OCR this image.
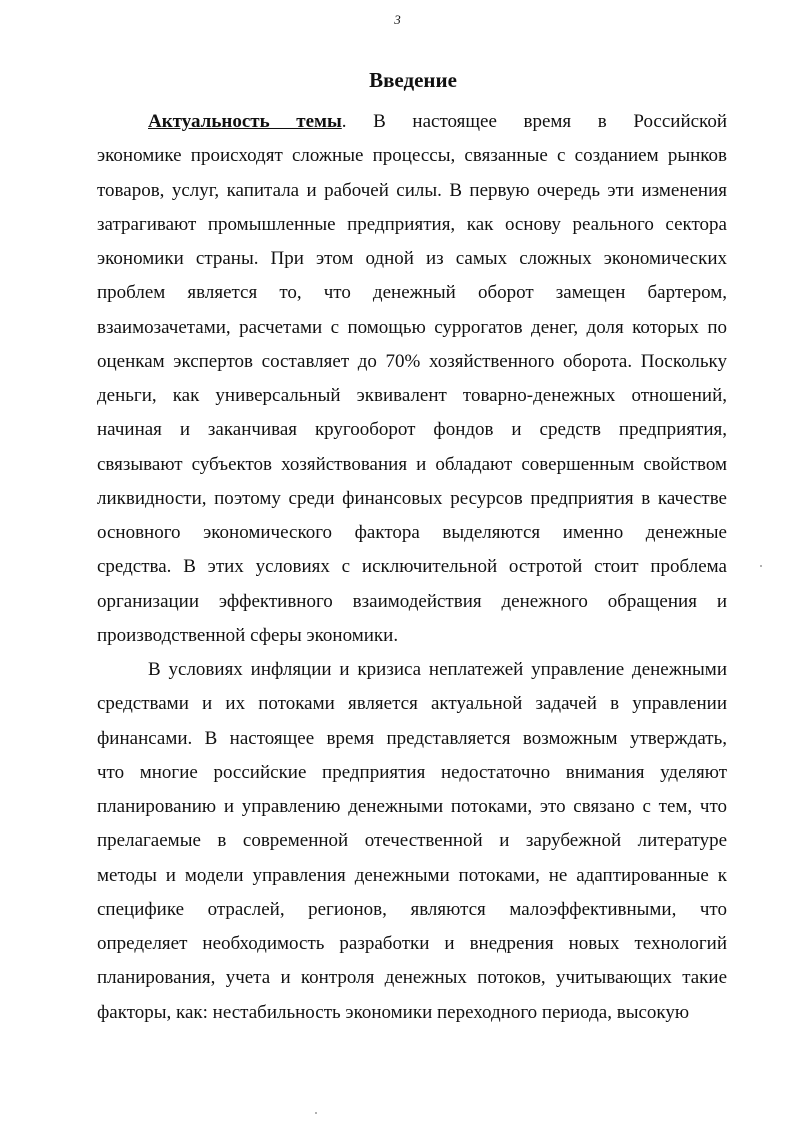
3
Введение
Актуальность темы. В настоящее время в Российской
экономике происходят сложные процессы, связанные с созданием рынков
товаров, услуг, капитала и рабочей силы. В первую очередь эти изменения
затрагивают промышленные предприятия, как основу реального сектора
экономики страны. При этом одной из самых сложных экономических
проблем является то, что денежный оборот замещен бартером,
взаимозачетами, расчетами с помощью суррогатов денег, доля которых по
оценкам экспертов составляет до 70% хозяйственного оборота. Поскольку
деньги, как универсальный эквивалент товарно-денежных отношений,
начиная и заканчивая кругооборот фондов и средств предприятия,
связывают субъектов хозяйствования и обладают совершенным свойством
ликвидности, поэтому среди финансовых ресурсов предприятия в качестве
основного экономического фактора выделяются именно денежные
средства. В этих условиях с исключительной остротой стоит проблема
организации эффективного взаимодействия денежного обращения и
производственной сферы экономики.
В условиях инфляции и кризиса неплатежей управление денежными
средствами и их потоками является актуальной задачей в управлении
финансами. В настоящее время представляется возможным утверждать,
что многие российские предприятия недостаточно внимания уделяют
планированию и управлению денежными потоками, это связано с тем, что
прелагаемые в современной отечественной и зарубежной литературе
методы и модели управления денежными потоками, не адаптированные к
специфике отраслей, регионов, являются малоэффективными, что
определяет необходимость разработки и внедрения новых технологий
планирования, учета и контроля денежных потоков, учитывающих такие
факторы, как: нестабильность экономики переходного периода, высокую
